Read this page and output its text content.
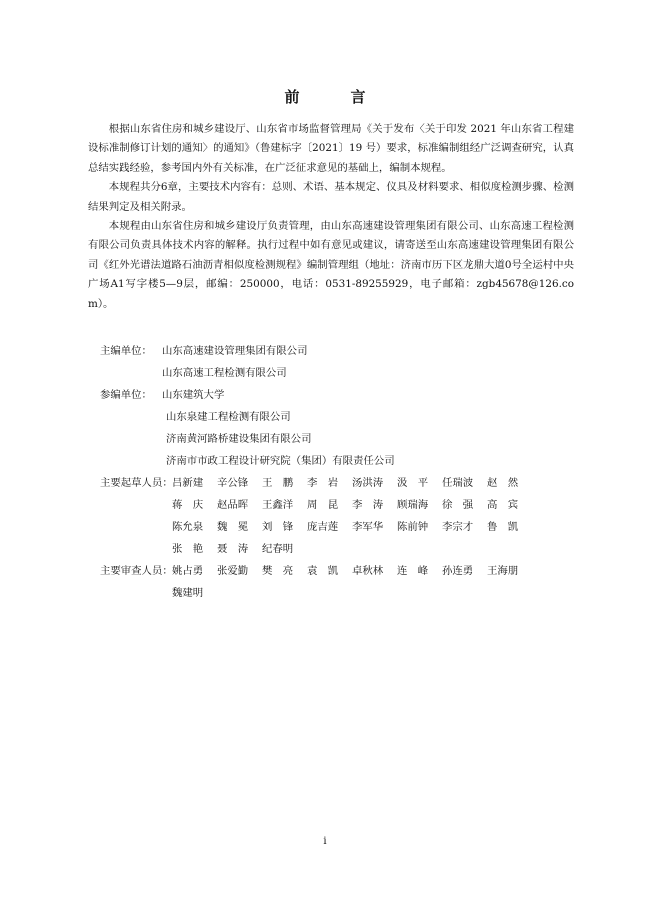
前　言

根据山东省住房和城乡建设厅、山东省市场监督管理局《关于发布〈关于印发 2021 年山东省工程建设标准制修订计划的通知〉的通知》（鲁建标字〔2021〕19 号）要求，标准编制组经广泛调查研究，认真总结实践经验，参考国内外有关标准，在广泛征求意见的基础上，编制本规程。

本规程共分6章，主要技术内容有：总则、术语、基本规定、仪具及材料要求、相似度检测步骤、检测结果判定及相关附录。

本规程由山东省住房和城乡建设厅负责管理，由山东高速建设管理集团有限公司、山东高速工程检测有限公司负责具体技术内容的解释。执行过程中如有意见或建议，请寄送至山东高速建设管理集团有限公司《红外光谱法道路石油沥青相似度检测规程》编制管理组（地址：济南市历下区龙鼎大道0号全运村中央广场A1写字楼5—9层，邮编：250000，电话：0531-89255929，电子邮箱：zgb45678@126.com）。

主编单位： 山东高速建设管理集团有限公司
山东高速工程检测有限公司
参编单位： 山东建筑大学
山东泉建工程检测有限公司
济南黄河路桥建设集团有限公司
济南市市政工程设计研究院（集团）有限责任公司
主要起草人员： 吕新建	辛公锋	王　鹏	李　岩	汤洪涛	汲　平	任瑞波	赵　然
蒋　庆	赵品晖	王鑫洋	周　昆	李　涛	顾瑞海	徐　强	高　宾
陈允泉	魏　冕	刘　锋	庞吉莲	李军华	陈前钟	李宗才	鲁　凯
张　艳	聂　涛	纪春明
主要审查人员： 姚占勇	张爱勤	樊　亮	袁　凯	卓秋林	连　峰	孙连勇	王海朋
魏建明
i
